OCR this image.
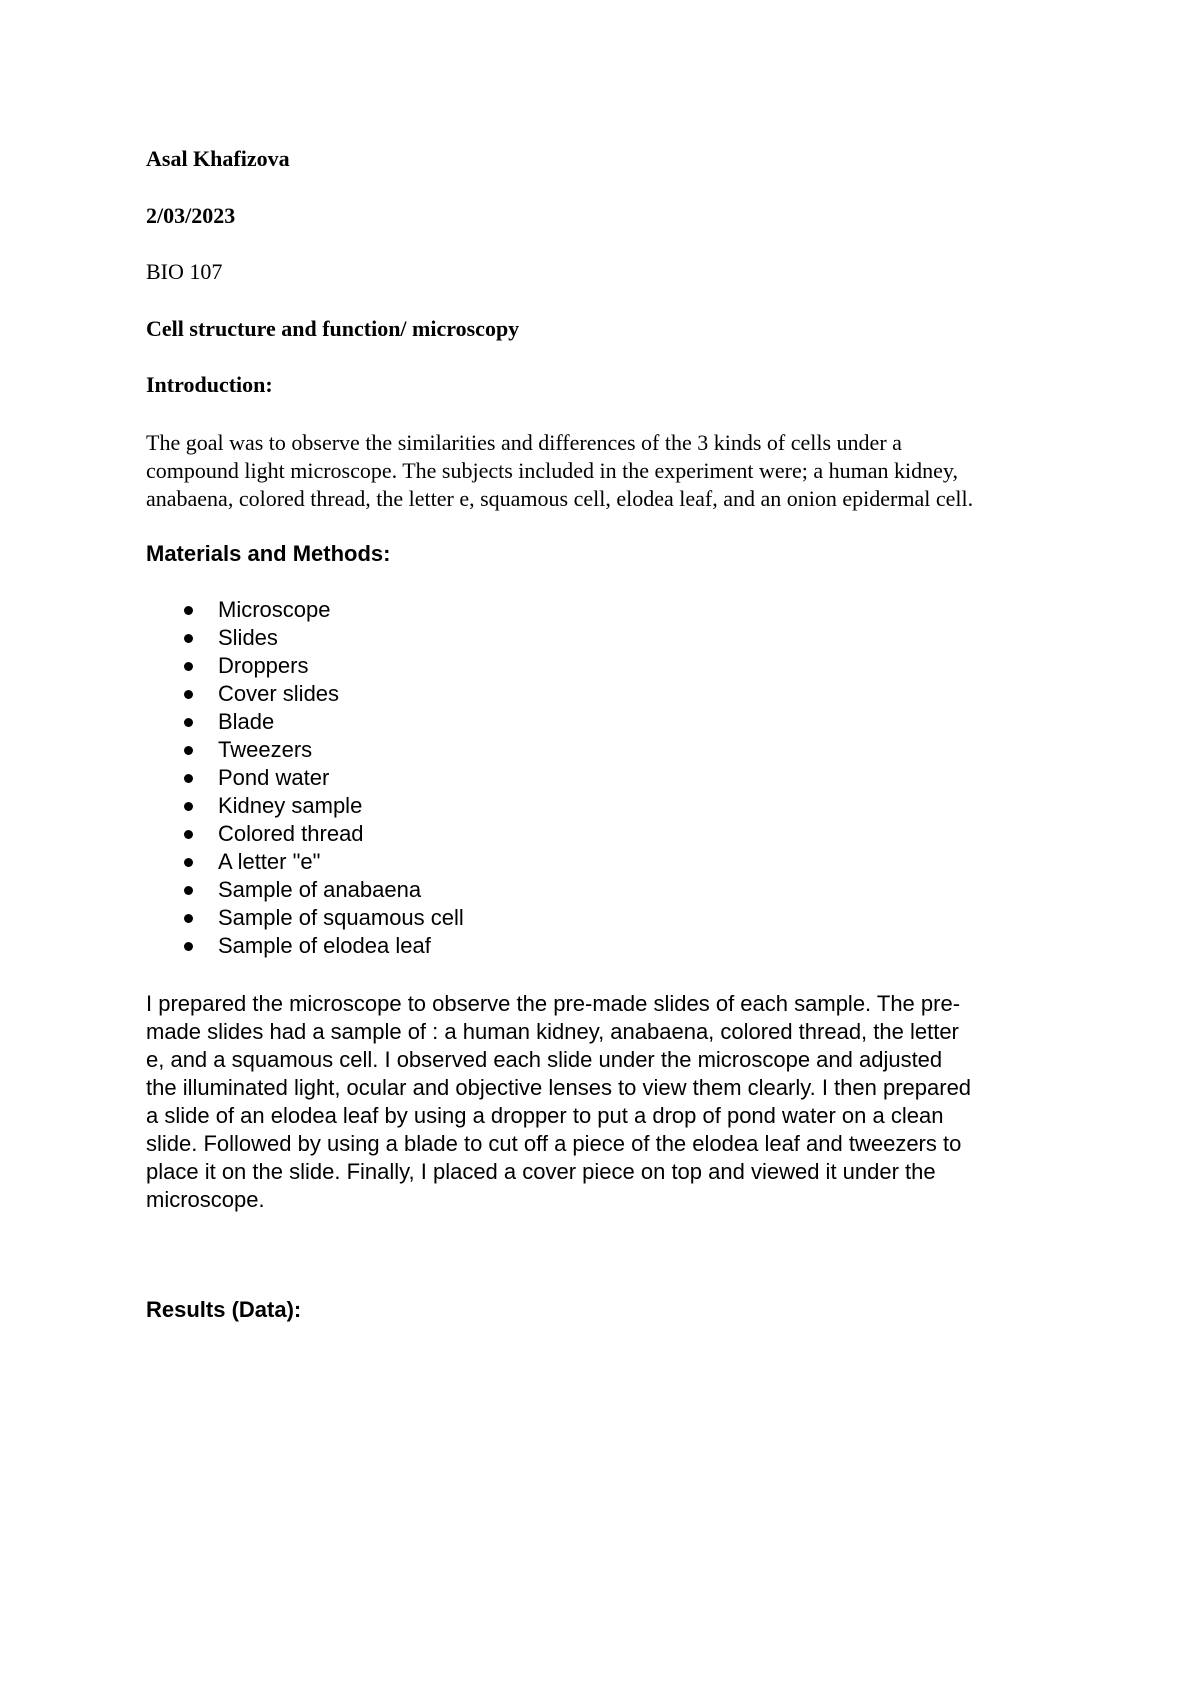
Asal Khafizova

2/03/2023

BIO 107

Cell structure and function/ microscopy

Introduction:

The goal was to observe the similarities and differences of the 3 kinds of cells under a
compound light microscope. The subjects included in the experiment were; a human kidney,
anabaena, colored thread, the letter e, squamous cell, elodea leaf, and an onion epidermal cell.

Materials and Methods:

Microscope
Slides
Droppers
Cover slides
Blade
Tweezers
Pond water
Kidney sample
Colored thread
A letter "e"
Sample of anabaena
Sample of squamous cell
Sample of elodea leaf

I prepared the microscope to observe the pre-made slides of each sample. The pre-
made slides had a sample of : a human kidney, anabaena, colored thread, the letter
e, and a squamous cell. I observed each slide under the microscope and adjusted
the illuminated light, ocular and objective lenses to view them clearly. I then prepared
a slide of an elodea leaf by using a dropper to put a drop of pond water on a clean
slide. Followed by using a blade to cut off a piece of the elodea leaf and tweezers to
place it on the slide. Finally, I placed a cover piece on top and viewed it under the
microscope.

Results (Data):
